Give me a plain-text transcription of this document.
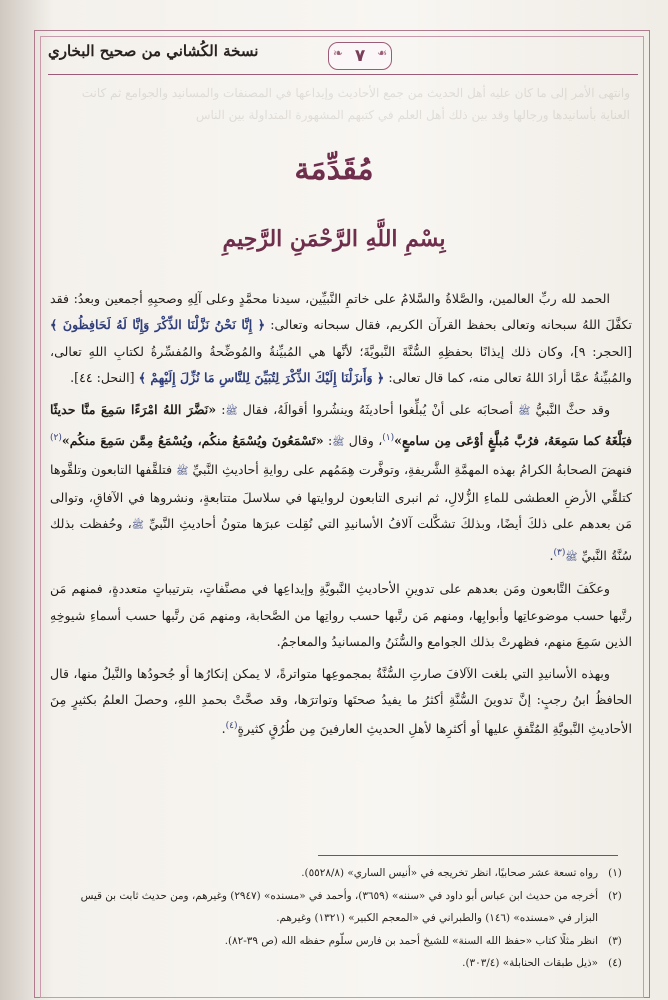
نسخة الكُشاني من صحيح البخاري
❧	٧ ❧
وانتهى الأمر إلى ما كان عليه أهل الحديث من جمع الأحاديث وإيداعها في المصنفات والمسانيد والجوامع ثم كانت العناية بأسانيدها ورجالها وقد بين ذلك أهل العلم في كتبهم المشهورة المتداولة بين الناس
مُقَدِّمَة
بِسْمِ اللَّهِ الرَّحْمَنِ الرَّحِيمِ

الحمد لله ربِّ العالمين، والصَّلاةُ والسَّلامُ على خاتمِ النَّبيِّين، سيدنا محمَّدٍ وعلى آلِهِ وصحبِهِ أجمعين وبعدُ: فقد تكفَّلَ اللهُ سبحانه وتعالى بحفظ القرآن الكريم، فقال سبحانه وتعالى: ﴿ إِنَّا نَحْنُ نَزَّلْنَا الذِّكْرَ وَإِنَّا لَهُ لَحَافِظُونَ ﴾ [الحجر: ٩]، وكان ذلك إيذانًا بحفظِهِ السُّنَّةَ النَّبويَّةَ؛ لأنَّها هي المُبيِّنةُ والمُوضِّحةُ والمُفسِّرةُ لكتابِ اللهِ تعالى، والمُبيِّنةُ عمَّا أرادَ اللهُ تعالى منه، كما قال تعالى: ﴿ وَأَنزَلْنَا إِلَيْكَ الذِّكْرَ لِتُبَيِّنَ لِلنَّاسِ مَا نُزِّلَ إِلَيْهِمْ ﴾ [النحل: ٤٤].

وقد حثَّ النَّبيُّ ﷺ أصحابَه على أنْ يُبلِّغوا أحاديثَهُ وينشُروا أقوالَهُ، فقال ﷺ: «نَضَّرَ اللهُ امْرَءًا سَمِعَ منَّا حديثًا فبَلَّغَهُ كما سَمِعَهُ، فرُبَّ مُبلَّغٍ أوْعَى مِن سامعٍ»$^{(١)}$، وقال ﷺ: «تَسْمَعُونَ ويُسْمَعُ منكُم، ويُسْمَعُ مِمَّن سَمِعَ منكُم»$^{(٢)}$ فنهضَ الصحابةُ الكرامُ بهذه المهمَّةِ الشَّريفةِ، وتوفَّرت هِمَمُهم على روايةِ أحاديثِ النَّبيِّ ﷺ فتلقَّفها التابعون وتلقَّوها كتلقِّي الأرضِ العطشى للماءِ الزُّلالِ، ثم انبرى التابعون لروايتها في سلاسلَ متتابعةٍ، ونشروها في الآفاقِ، وتوالى مَن بعدهم على ذلكَ أيضًا، وبذلكَ تشكَّلت آلافُ الأسانيدِ التي نُقِلت عبرَها متونُ أحاديثِ النَّبيِّ ﷺ، وحُفظت بذلك سُنَّةُ النَّبيِّ ﷺ$^{(٣)}$.

وعكَفَ التَّابعون ومَن بعدهم على تدوينِ الأحاديثِ النَّبويَّةِ وإيداعِها في مصنَّفاتٍ، بترتيباتٍ متعددةٍ، فمنهم مَن رتَّبها حسب موضوعاتِها وأبوابِها، ومنهم مَن رتَّبها حسب رواتِها من الصَّحابة، ومنهم مَن رتَّبها حسب أسماءِ شيوخِهِ الذين سَمِعَ منهم، فظهرتْ بذلك الجوامع والسُّنَنُ والمسانيدُ والمعاجمُ.

وبهذه الأسانيدِ التي بلغت الآلافَ صارتِ السُّنَّةُ بمجموعِها متواترةً، لا يمكن إنكارُها أو جُحودُها والنَّيلُ منها، قال الحافظُ ابنُ رجبٍ: إنَّ تدوينَ السُّنَّةِ أكثرُ ما يفيدُ صحتَها وتواترَها، وقد صحَّتْ بحمدِ اللهِ، وحصلَ العلمُ بكثيرٍ مِنَ الأحاديثِ النَّبويَّةِ المُتَّفقِ عليها أو أكثرِها لأهلِ الحديثِ العارفينَ مِن طُرُقٍ كثيرةٍ$^{(٤)}$.

(١)
رواه تسعة عشر صحابيًا، انظر تخريجه في «أنيس الساري» (٥٥٢٨/٨).
(٢)
أخرجه من حديث ابن عباس أبو داود في «سننه» (٣٦٥٩)، وأحمد في «مسنده» (٢٩٤٧) وغيرهم، ومن حديث ثابت بن قيس
البزار في «مسنده» (١٤٦) والطبراني في «المعجم الكبير» (١٣٢١) وغيرهم.
(٣)
انظر مثلًا كتاب «حفظ الله السنة» للشيخ أحمد بن فارس سلّوم حفظه الله (ص ٣٩-٨٢).
(٤)
«ذيل طبقات الحنابلة» (٣٠٣/٤).
